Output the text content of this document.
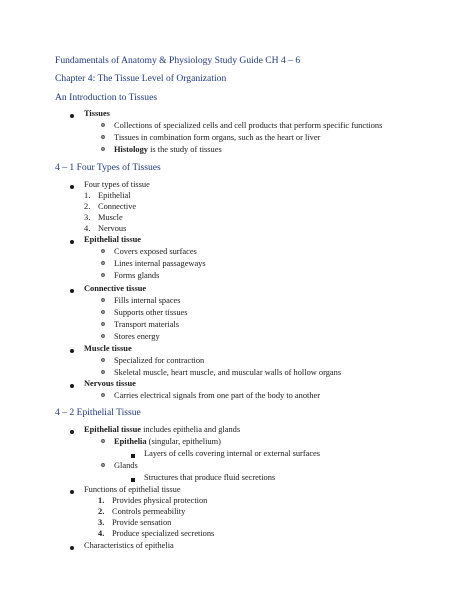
Fundamentals of Anatomy & Physiology Study Guide CH 4 – 6
Chapter 4: The Tissue Level of Organization
An Introduction to Tissues
Tissues
o Collections of specialized cells and cell products that perform specific functions
o Tissues in combination form organs, such as the heart or liver
o Histology is the study of tissues
4 – 1 Four Types of Tissues
Four types of tissue
1. Epithelial
2. Connective
3. Muscle
4. Nervous
Epithelial tissue
o Covers exposed surfaces
o Lines internal passageways
o Forms glands
Connective tissue
o Fills internal spaces
o Supports other tissues
o Transport materials
o Stores energy
Muscle tissue
o Specialized for contraction
o Skeletal muscle, heart muscle, and muscular walls of hollow organs
Nervous tissue
o Carries electrical signals from one part of the body to another
4 – 2 Epithelial Tissue
Epithelial tissue includes epithelia and glands
o Epithelia (singular, epithelium)
Layers of cells covering internal or external surfaces
o Glands
Structures that produce fluid secretions
Functions of epithelial tissue
1. Provides physical protection
2. Controls permeability
3. Provide sensation
4. Produce specialized secretions
Characteristics of epithelia
